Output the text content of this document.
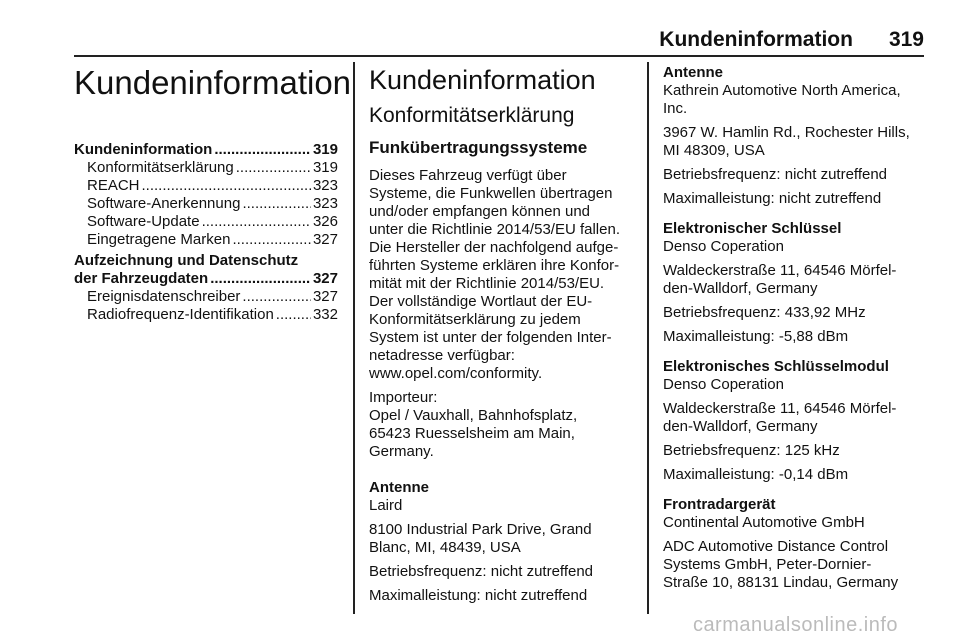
Kundeninformation 319
Kundeninformation
Kundeninformation .....	319
Konformitätserklärung .....	319
REACH .....	323
Software-Anerkennung .....	323
Software-Update .....	326
Eingetragene Marken .....	327
Aufzeichnung und Datenschutz
der Fahrzeugdaten .....	327
Ereignisdatenschreiber .....	327
Radiofrequenz-Identifikation .....	332
Kundeninformation
Konformitätserklärung
Funkübertragungssysteme

Dieses Fahrzeug verfügt über
Systeme, die Funkwellen übertragen
und/oder empfangen können und
unter die Richtlinie 2014/53/EU fallen.
Die Hersteller der nachfolgend aufge-
führten Systeme erklären ihre Konfor-
mität mit der Richtlinie 2014/53/EU.
Der vollständige Wortlaut der EU-
Konformitätserklärung zu jedem
System ist unter der folgenden Inter-
netadresse verfügbar:
www.opel.com/conformity.

Importeur:
Opel / Vauxhall, Bahnhofsplatz,
65423 Ruesselsheim am Main,
Germany.

Antenne

Laird

8100 Industrial Park Drive, Grand
Blanc, MI, 48439, USA

Betriebsfrequenz: nicht zutreffend

Maximalleistung: nicht zutreffend

Antenne

Kathrein Automotive North America,
Inc.

3967 W. Hamlin Rd., Rochester Hills,
MI 48309, USA

Betriebsfrequenz: nicht zutreffend

Maximalleistung: nicht zutreffend

Elektronischer Schlüssel

Denso Coperation

Waldeckerstraße 11, 64546 Mörfel-
den-Walldorf, Germany

Betriebsfrequenz: 433,92 MHz

Maximalleistung: -5,88 dBm

Elektronisches Schlüsselmodul

Denso Coperation

Waldeckerstraße 11, 64546 Mörfel-
den-Walldorf, Germany

Betriebsfrequenz: 125 kHz

Maximalleistung: -0,14 dBm

Frontradargerät

Continental Automotive GmbH

ADC Automotive Distance Control
Systems GmbH, Peter-Dornier-
Straße 10, 88131 Lindau, Germany

carmanualsonline.info
